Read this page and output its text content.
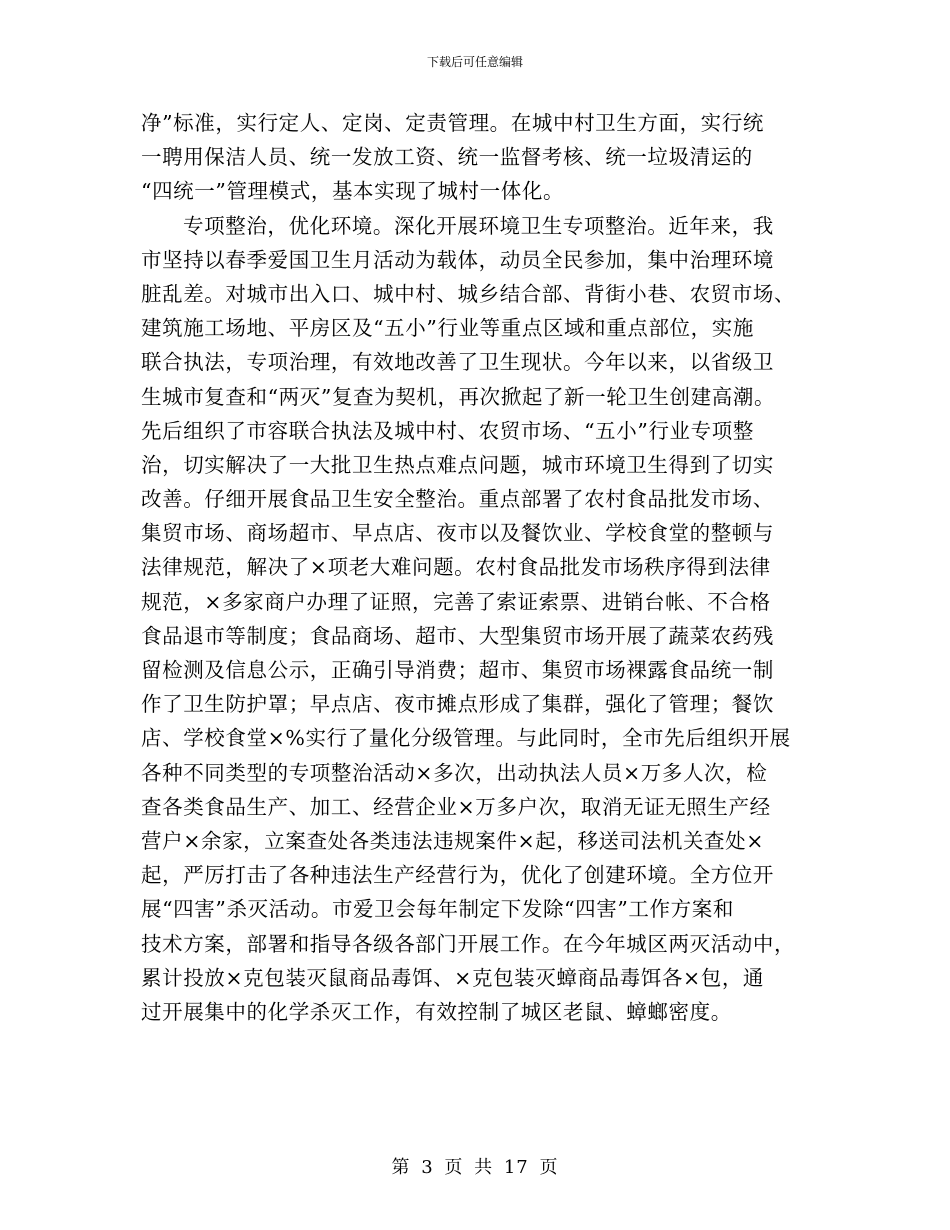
下载后可任意编辑
净”标准，实行定人、定岗、定责管理。在城中村卫生方面，实行统
一聘用保洁人员、统一发放工资、统一监督考核、统一垃圾清运的
“四统一”管理模式，基本实现了城村一体化。
专项整治，优化环境。深化开展环境卫生专项整治。近年来，我
市坚持以春季爱国卫生月活动为载体，动员全民参加，集中治理环境
脏乱差。对城市出入口、城中村、城乡结合部、背街小巷、农贸市场、
建筑施工场地、平房区及“五小”行业等重点区域和重点部位，实施
联合执法，专项治理，有效地改善了卫生现状。今年以来，以省级卫
生城市复查和“两灭”复查为契机，再次掀起了新一轮卫生创建高潮。
先后组织了市容联合执法及城中村、农贸市场、“五小”行业专项整
治，切实解决了一大批卫生热点难点问题，城市环境卫生得到了切实
改善。仔细开展食品卫生安全整治。重点部署了农村食品批发市场、
集贸市场、商场超市、早点店、夜市以及餐饮业、学校食堂的整顿与
法律规范，解决了×项老大难问题。农村食品批发市场秩序得到法律
规范，×多家商户办理了证照，完善了索证索票、进销台帐、不合格
食品退市等制度；食品商场、超市、大型集贸市场开展了蔬菜农药残
留检测及信息公示，正确引导消费；超市、集贸市场裸露食品统一制
作了卫生防护罩；早点店、夜市摊点形成了集群，强化了管理；餐饮
店、学校食堂×%实行了量化分级管理。与此同时，全市先后组织开展
各种不同类型的专项整治活动×多次，出动执法人员×万多人次，检
查各类食品生产、加工、经营企业×万多户次，取消无证无照生产经
营户×余家，立案查处各类违法违规案件×起，移送司法机关查处×
起，严厉打击了各种违法生产经营行为，优化了创建环境。全方位开
展“四害”杀灭活动。市爱卫会每年制定下发除“四害”工作方案和
技术方案，部署和指导各级各部门开展工作。在今年城区两灭活动中，
累计投放×克包装灭鼠商品毒饵、×克包装灭蟑商品毒饵各×包，通
过开展集中的化学杀灭工作，有效控制了城区老鼠、蟑螂密度。
第 3 页 共 17 页
